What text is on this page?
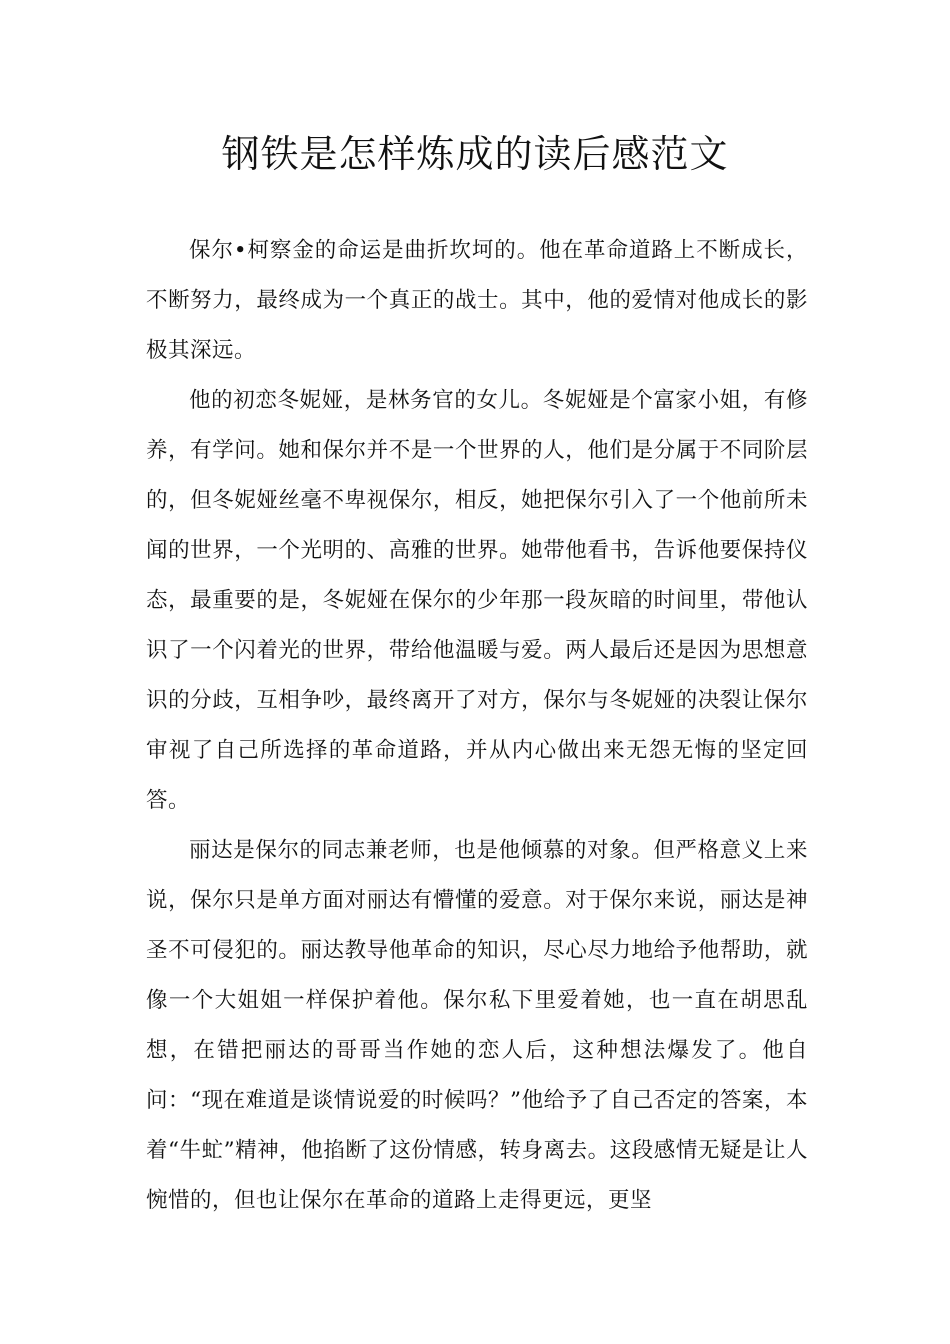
钢铁是怎样炼成的读后感范文

保尔•柯察金的命运是曲折坎坷的。他在革命道路上不断成长，不断努力，最终成为一个真正的战士。其中，他的爱情对他成长的影极其深远。

他的初恋冬妮娅，是林务官的女儿。冬妮娅是个富家小姐，有修养，有学问。她和保尔并不是一个世界的人，他们是分属于不同阶层的，但冬妮娅丝毫不卑视保尔，相反，她把保尔引入了一个他前所未闻的世界，一个光明的、高雅的世界。她带他看书，告诉他要保持仪态，最重要的是，冬妮娅在保尔的少年那一段灰暗的时间里，带他认识了一个闪着光的世界，带给他温暖与爱。两人最后还是因为思想意识的分歧，互相争吵，最终离开了对方，保尔与冬妮娅的决裂让保尔审视了自己所选择的革命道路，并从内心做出来无怨无悔的坚定回答。

丽达是保尔的同志兼老师，也是他倾慕的对象。但严格意义上来说，保尔只是单方面对丽达有懵懂的爱意。对于保尔来说，丽达是神圣不可侵犯的。丽达教导他革命的知识，尽心尽力地给予他帮助，就像一个大姐姐一样保护着他。保尔私下里爱着她，也一直在胡思乱想，在错把丽达的哥哥当作她的恋人后，这种想法爆发了。他自问：“现在难道是谈情说爱的时候吗？”他给予了自己否定的答案，本着“牛虻”精神，他掐断了这份情感，转身离去。这段感情无疑是让人惋惜的，但也让保尔在革命的道路上走得更远，更坚
